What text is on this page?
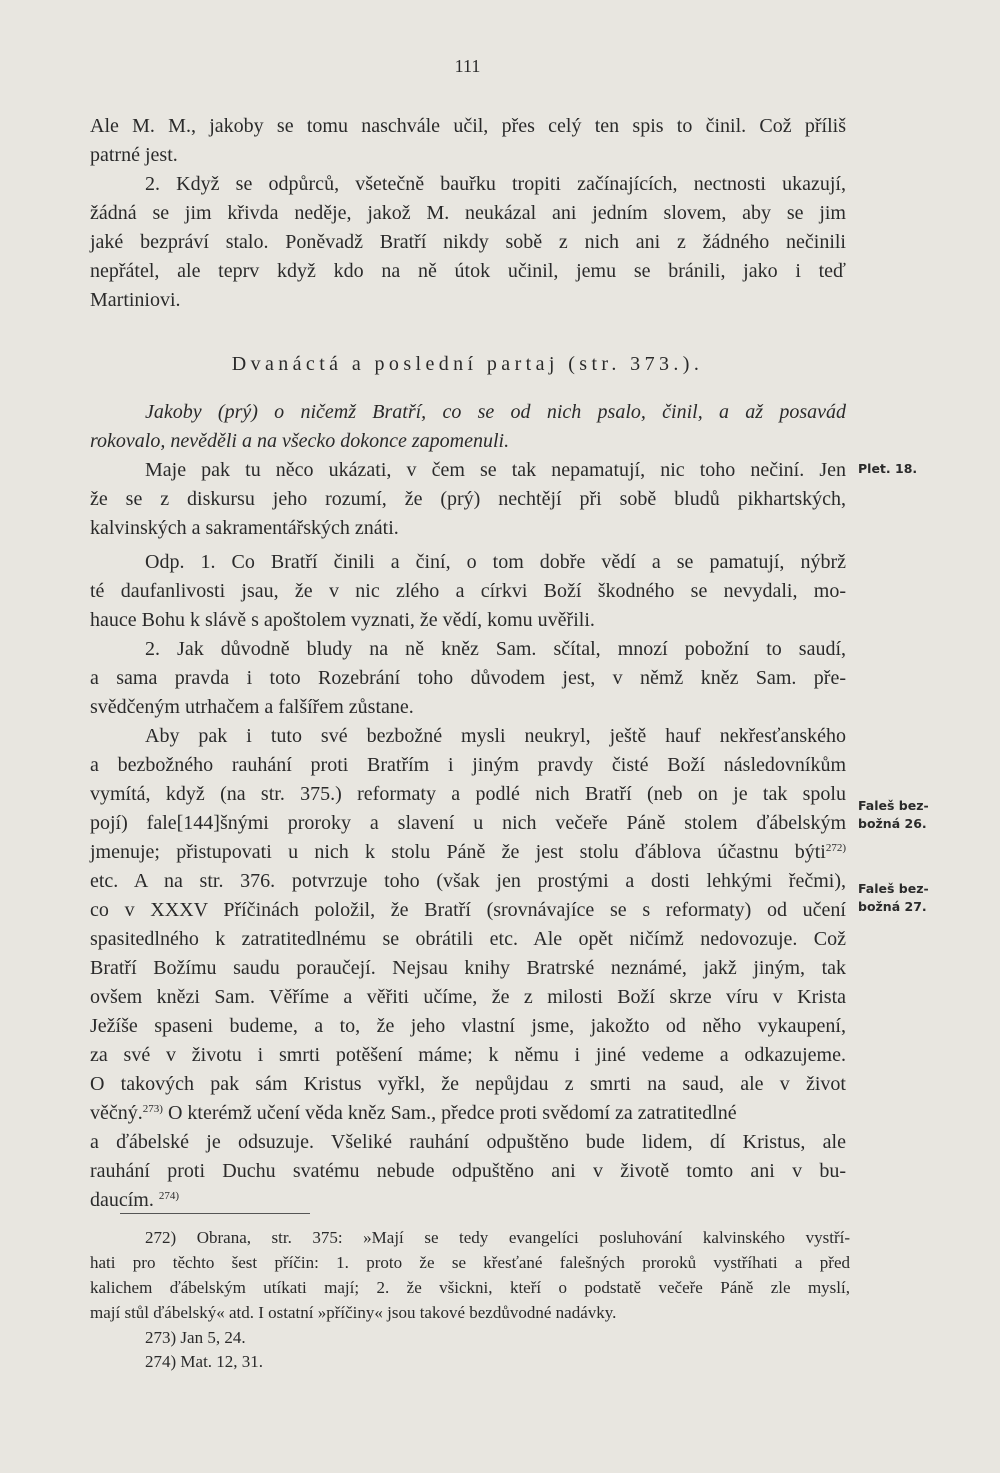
111
Ale M. M., jakoby se tomu naschvále učil, přes celý ten spis to činil. Což příliš
patrné jest.
2. Když se odpůrců, všetečně bauřku tropiti začínajících, nectnosti ukazují,
žádná se jim křivda neděje, jakož M. neukázal ani jedním slovem, aby se jim
jaké bezpráví stalo. Poněvadž Bratří nikdy sobě z nich ani z žádného nečinili
nepřátel, ale teprv když kdo na ně útok učinil, jemu se bránili, jako i teď
Martiniovi.
Dvanáctá a poslední partaj (str. 373.).
Jakoby (prý) o ničemž Bratří, co se od nich psalo, činil, a až posavád
rokovalo, nevěděli a na všecko dokonce zapomenuli.
Maje pak tu něco ukázati, v čem se tak nepamatují, nic toho nečiní. Jen
že se z diskursu jeho rozumí, že (prý) nechtějí při sobě bludů pikhartských,
kalvinských a sakramentářských znáti.
Odp. 1. Co Bratří činili a činí, o tom dobře vědí a se pamatují, nýbrž
té daufanlivosti jsau, že v nic zlého a církvi Boží škodného se nevydali, mo-
hauce Bohu k slávě s apoštolem vyznati, že vědí, komu uvěřili.
2. Jak důvodně bludy na ně kněz Sam. sčítal, mnozí pobožní to saudí,
a sama pravda i toto Rozebrání toho důvodem jest, v němž kněz Sam. pře-
svědčeným utrhačem a falšířem zůstane.
Aby pak i tuto své bezbožné mysli neukryl, ještě hauf nekřesťanského
a bezbožného rauhání proti Bratřím i jiným pravdy čisté Boží následovníkům
vymítá, když (na str. 375.) reformaty a podlé nich Bratří (neb on je tak spolu
pojí) fale[144]šnými proroky a slavení u nich večeře Páně stolem ďábelským
jmenuje; přistupovati u nich k stolu Páně že jest stolu ďáblova účastnu býti$^{272)}$
etc. A na str. 376. potvrzuje toho (však jen prostými a dosti lehkými řečmi),
co v XXXV Příčinách položil, že Bratří (srovnávajíce se s reformaty) od učení
spasitedlného k zatratitedlnému se obrátili etc. Ale opět ničímž nedovozuje. Což
Bratří Božímu saudu poraučejí. Nejsau knihy Bratrské neznámé, jakž jiným, tak
ovšem knězi Sam. Věříme a věřiti učíme, že z milosti Boží skrze víru v Krista
Ježíše spaseni budeme, a to, že jeho vlastní jsme, jakožto od něho vykaupení,
za své v životu i smrti potěšení máme; k němu i jiné vedeme a odkazujeme.
O takových pak sám Kristus vyřkl, že nepůjdau z smrti na saud, ale v život
věčný.$^{273)}$ O kterémž učení věda kněz Sam., předce proti svědomí za zatratitedlné
a ďábelské je odsuzuje. Všeliké rauhání odpuštěno bude lidem, dí Kristus, ale
rauhání proti Duchu svatému nebude odpuštěno ani v životě tomto ani v bu-
daucím. $^{274)}$
Plet. 18.
Faleš bez-
božná 26.
Faleš bez-
božná 27.
272) Obrana, str. 375: »Mají se tedy evangelíci posluhování kalvinského vystří-
hati pro těchto šest příčin: 1. proto že se křesťané falešných proroků vystříhati a před
kalichem ďábelským utíkati mají; 2. že všickni, kteří o podstatě večeře Páně zle myslí,
mají stůl ďábelský« atd. I ostatní »příčiny« jsou takové bezdůvodné nadávky.
273) Jan 5, 24.
274) Mat. 12, 31.
